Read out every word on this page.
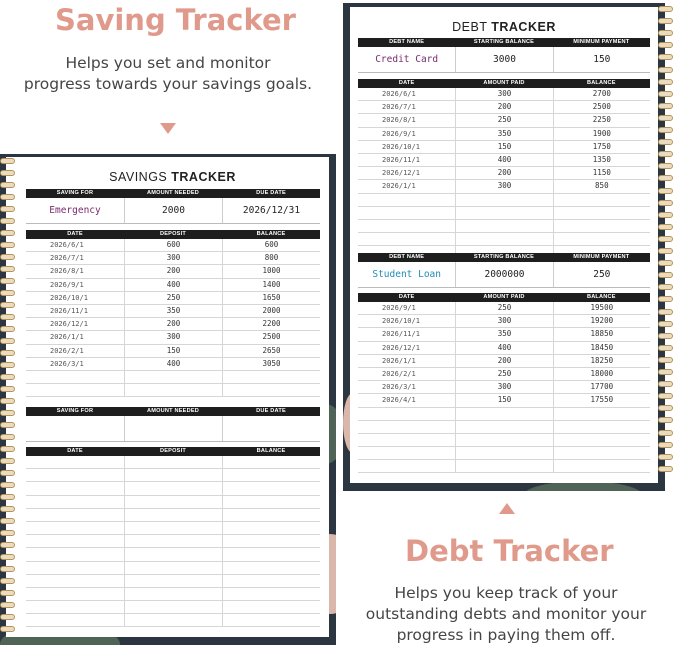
Saving Tracker
Helps you set and monitor
progress towards your savings goals.
Debt Tracker
Helps you keep track of your
outstanding debts and monitor your
progress in paying them off.
SAVINGS TRACKER
SAVING FOR	AMOUNT NEEDED	DUE DATE
Emergency	2000	2026/12/31
DATE	DEPOSIT	BALANCE
2026/6/1	600	600
2026/7/1	300	800
2026/8/1	200	1000
2026/9/1	400	1400
2026/10/1	250	1650
2026/11/1	350	2000
2026/12/1	200	2200
2026/1/1	300	2500
2026/2/1	150	2650
2026/3/1	400	3050
SAVING FOR	AMOUNT NEEDED	DUE DATE
DATE	DEPOSIT	BALANCE
DEBT TRACKER
DEBT NAME	STARTING BALANCE	MINIMUM PAYMENT
Credit Card	3000	150
DATE	AMOUNT PAID	BALANCE
2026/6/1	300	2700
2026/7/1	200	2500
2026/8/1	250	2250
2026/9/1	350	1900
2026/10/1	150	1750
2026/11/1	400	1350
2026/12/1	200	1150
2026/1/1	300	850
DEBT NAME	STARTING BALANCE	MINIMUM PAYMENT
Student Loan	2000000	250
DATE	AMOUNT PAID	BALANCE
2026/9/1	250	19500
2026/10/1	300	19200
2026/11/1	350	18850
2026/12/1	400	18450
2026/1/1	200	18250
2026/2/1	250	18000
2026/3/1	300	17700
2026/4/1	150	17550
